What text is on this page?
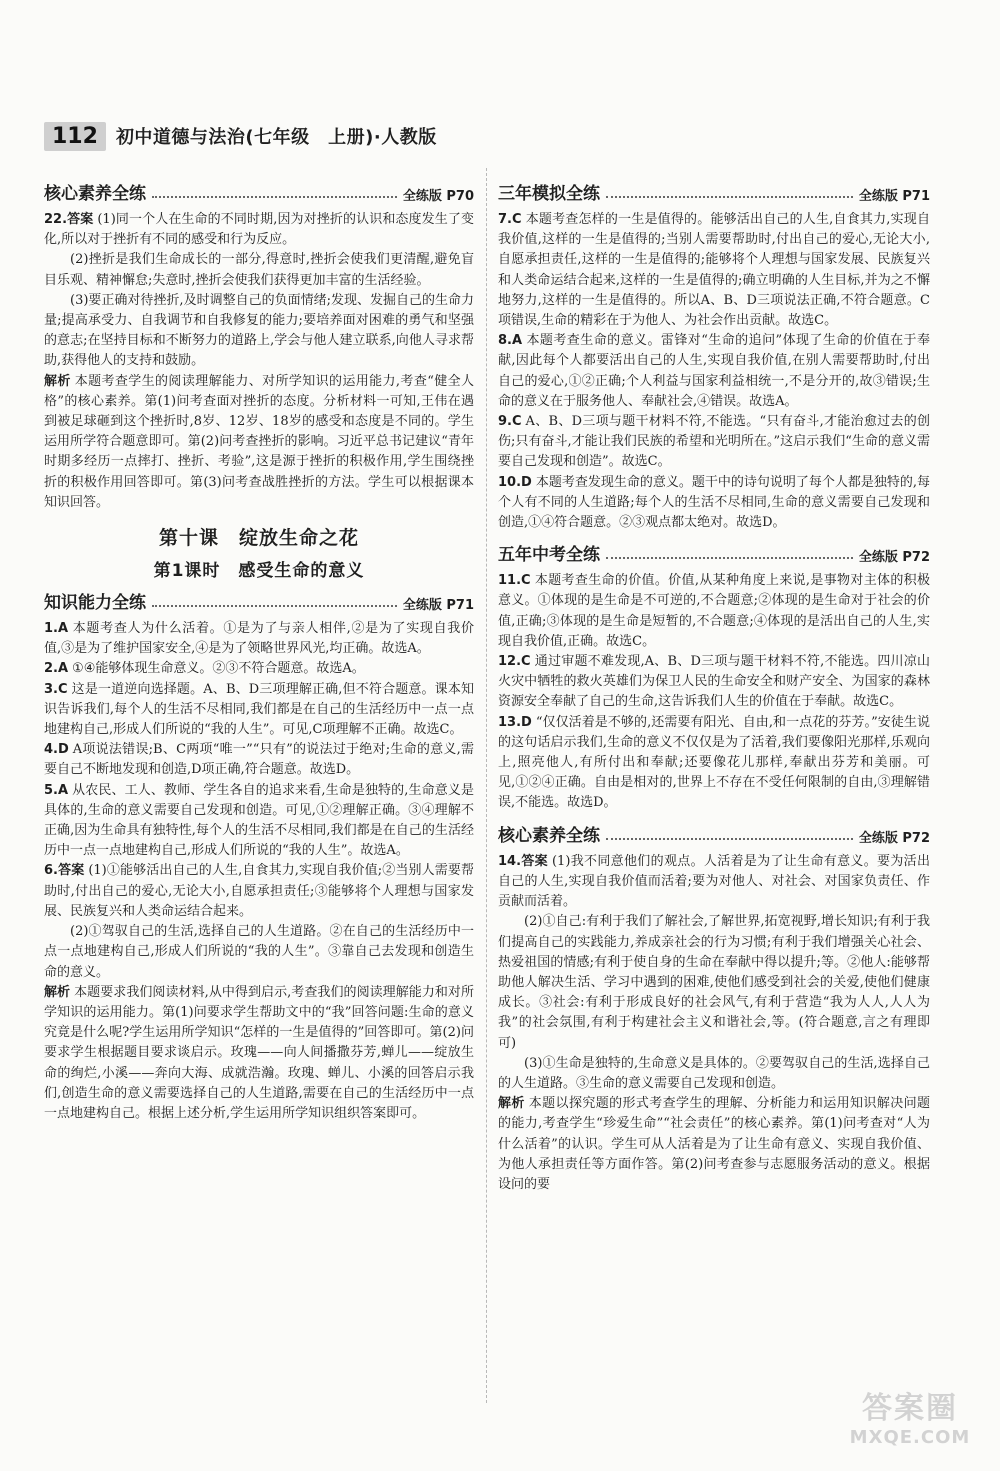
112	初中道德与法治(七年级　上册)·人教版
核心素养全练	全练版 P70

22.答案 (1)同一个人在生命的不同时期,因为对挫折的认识和态度发生了变化,所以对于挫折有不同的感受和行为反应。

(2)挫折是我们生命成长的一部分,得意时,挫折会使我们更清醒,避免盲目乐观、精神懈怠;失意时,挫折会使我们获得更加丰富的生活经验。

(3)要正确对待挫折,及时调整自己的负面情绪;发现、发掘自己的生命力量;提高承受力、自我调节和自我修复的能力;要培养面对困难的勇气和坚强的意志;在坚持目标和不断努力的道路上,学会与他人建立联系,向他人寻求帮助,获得他人的支持和鼓励。

解析 本题考查学生的阅读理解能力、对所学知识的运用能力,考查“健全人格”的核心素养。第(1)问考查面对挫折的态度。分析材料一可知,王伟在遇到被足球砸到这个挫折时,8岁、12岁、18岁的感受和态度是不同的。学生运用所学符合题意即可。第(2)问考查挫折的影响。习近平总书记建议“青年时期多经历一点摔打、挫折、考验”,这是源于挫折的积极作用,学生围绕挫折的积极作用回答即可。第(3)问考查战胜挫折的方法。学生可以根据课本知识回答。

第十课　绽放生命之花
第1课时　感受生命的意义
知识能力全练	全练版 P71

1.A 本题考查人为什么活着。①是为了与亲人相伴,②是为了实现自我价值,③是为了维护国家安全,④是为了领略世界风光,均正确。故选A。

2.A ①④能够体现生命意义。②③不符合题意。故选A。

3.C 这是一道逆向选择题。A、B、D三项理解正确,但不符合题意。课本知识告诉我们,每个人的生活不尽相同,我们都是在自己的生活经历中一点一点地建构自己,形成人们所说的“我的人生”。可见,C项理解不正确。故选C。

4.D A项说法错误;B、C两项“唯一”“只有”的说法过于绝对;生命的意义,需要自己不断地发现和创造,D项正确,符合题意。故选D。

5.A 从农民、工人、教师、学生各自的追求来看,生命是独特的,生命意义是具体的,生命的意义需要自己发现和创造。可见,①②理解正确。③④理解不正确,因为生命具有独特性,每个人的生活不尽相同,我们都是在自己的生活经历中一点一点地建构自己,形成人们所说的“我的人生”。故选A。

6.答案 (1)①能够活出自己的人生,自食其力,实现自我价值;②当别人需要帮助时,付出自己的爱心,无论大小,自愿承担责任;③能够将个人理想与国家发展、民族复兴和人类命运结合起来。

(2)①驾驭自己的生活,选择自己的人生道路。②在自己的生活经历中一点一点地建构自己,形成人们所说的“我的人生”。③靠自己去发现和创造生命的意义。

解析 本题要求我们阅读材料,从中得到启示,考查我们的阅读理解能力和对所学知识的运用能力。第(1)问要求学生帮助文中的“我”回答问题:生命的意义究竟是什么呢?学生运用所学知识“怎样的一生是值得的”回答即可。第(2)问要求学生根据题目要求谈启示。玫瑰——向人间播撒芬芳,蝉儿——绽放生命的绚烂,小溪——奔向大海、成就浩瀚。玫瑰、蝉儿、小溪的回答启示我们,创造生命的意义需要选择自己的人生道路,需要在自己的生活经历中一点一点地建构自己。根据上述分析,学生运用所学知识组织答案即可。

三年模拟全练	全练版 P71

7.C 本题考查怎样的一生是值得的。能够活出自己的人生,自食其力,实现自我价值,这样的一生是值得的;当别人需要帮助时,付出自己的爱心,无论大小,自愿承担责任,这样的一生是值得的;能够将个人理想与国家发展、民族复兴和人类命运结合起来,这样的一生是值得的;确立明确的人生目标,并为之不懈地努力,这样的一生是值得的。所以A、B、D三项说法正确,不符合题意。C项错误,生命的精彩在于为他人、为社会作出贡献。故选C。

8.A 本题考查生命的意义。雷锋对“生命的追问”体现了生命的价值在于奉献,因此每个人都要活出自己的人生,实现自我价值,在别人需要帮助时,付出自己的爱心,①②正确;个人利益与国家利益相统一,不是分开的,故③错误;生命的意义在于服务他人、奉献社会,④错误。故选A。

9.C A、B、D三项与题干材料不符,不能选。“只有奋斗,才能治愈过去的创伤;只有奋斗,才能让我们民族的希望和光明所在。”这启示我们“生命的意义需要自己发现和创造”。故选C。

10.D 本题考查发现生命的意义。题干中的诗句说明了每个人都是独特的,每个人有不同的人生道路;每个人的生活不尽相同,生命的意义需要自己发现和创造,①④符合题意。②③观点都太绝对。故选D。

五年中考全练	全练版 P72

11.C 本题考查生命的价值。价值,从某种角度上来说,是事物对主体的积极意义。①体现的是生命是不可逆的,不合题意;②体现的是生命对于社会的价值,正确;③体现的是生命是短暂的,不合题意;④体现的是活出自己的人生,实现自我价值,正确。故选C。

12.C 通过审题不难发现,A、B、D三项与题干材料不符,不能选。四川凉山火灾中牺牲的救火英雄们为保卫人民的生命安全和财产安全、为国家的森林资源安全奉献了自己的生命,这告诉我们人生的价值在于奉献。故选C。

13.D “仅仅活着是不够的,还需要有阳光、自由,和一点花的芬芳。”安徒生说的这句话启示我们,生命的意义不仅仅是为了活着,我们要像阳光那样,乐观向上,照亮他人,有所付出和奉献;还要像花儿那样,奉献出芬芳和美丽。可见,①②④正确。自由是相对的,世界上不存在不受任何限制的自由,③理解错误,不能选。故选D。

核心素养全练	全练版 P72

14.答案 (1)我不同意他们的观点。人活着是为了让生命有意义。要为活出自己的人生,实现自我价值而活着;要为对他人、对社会、对国家负责任、作贡献而活着。

(2)①自己:有利于我们了解社会,了解世界,拓宽视野,增长知识;有利于我们提高自己的实践能力,养成亲社会的行为习惯;有利于我们增强关心社会、热爱祖国的情感;有利于使自身的生命在奉献中得以提升;等。②他人:能够帮助他人解决生活、学习中遇到的困难,使他们感受到社会的关爱,使他们健康成长。③社会:有利于形成良好的社会风气,有利于营造“我为人人,人人为我”的社会氛围,有利于构建社会主义和谐社会,等。(符合题意,言之有理即可)

(3)①生命是独特的,生命意义是具体的。②要驾驭自己的生活,选择自己的人生道路。③生命的意义需要自己发现和创造。

解析 本题以探究题的形式考查学生的理解、分析能力和运用知识解决问题的能力,考查学生“珍爱生命”“社会责任”的核心素养。第(1)问考查对“人为什么活着”的认识。学生可从人活着是为了让生命有意义、实现自我价值、为他人承担责任等方面作答。第(2)问考查参与志愿服务活动的意义。根据设问的要

答案圈
MXQE.COM
